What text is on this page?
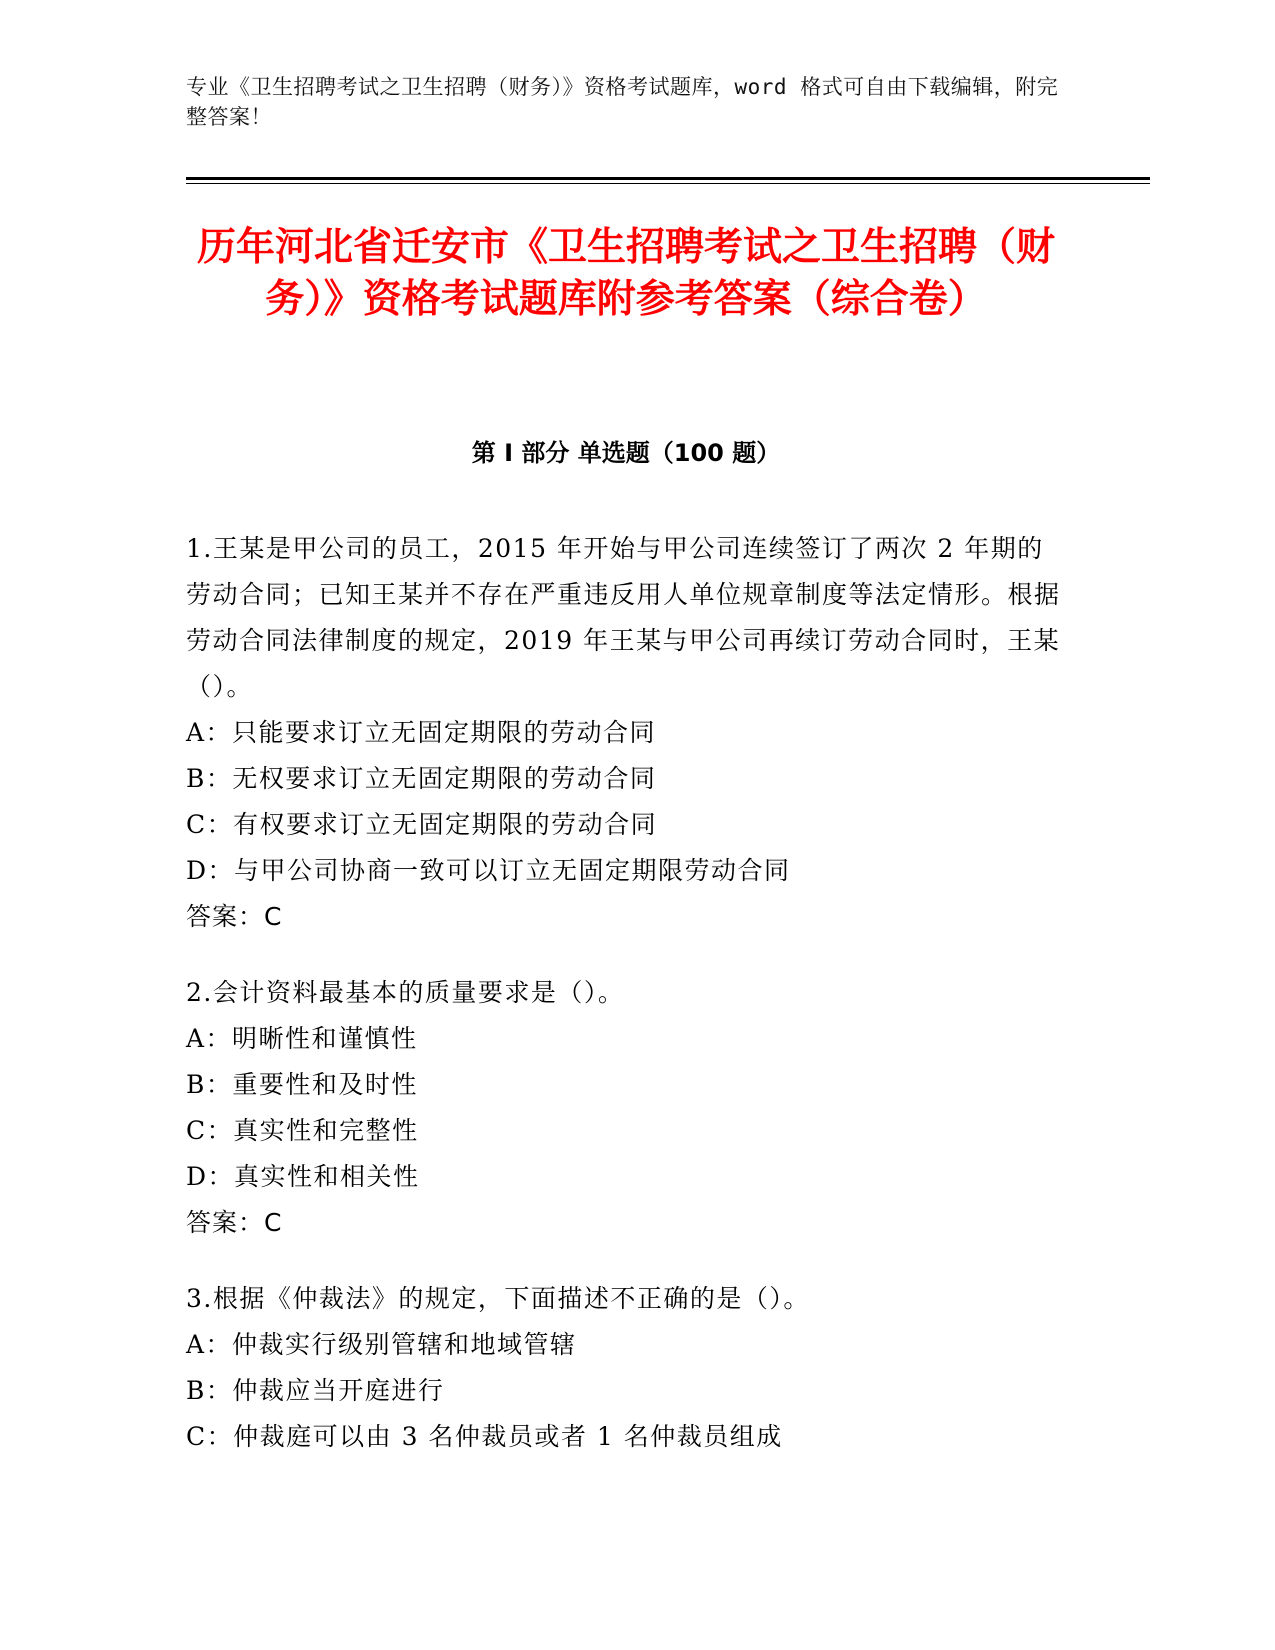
专业《卫生招聘考试之卫生招聘（财务）》资格考试题库，word 格式可自由下载编辑，附完整答案！
历年河北省迁安市《卫生招聘考试之卫生招聘（财务）》资格考试题库附参考答案（综合卷）
第 I 部分 单选题（100 题）
1.王某是甲公司的员工，2015 年开始与甲公司连续签订了两次 2 年期的劳动合同；已知王某并不存在严重违反用人单位规章制度等法定情形。根据劳动合同法律制度的规定，2019 年王某与甲公司再续订劳动合同时，王某（）。
A：只能要求订立无固定期限的劳动合同
B：无权要求订立无固定期限的劳动合同
C：有权要求订立无固定期限的劳动合同
D：与甲公司协商一致可以订立无固定期限劳动合同
答案：C
2.会计资料最基本的质量要求是（）。
A：明晰性和谨慎性
B：重要性和及时性
C：真实性和完整性
D：真实性和相关性
答案：C
3.根据《仲裁法》的规定，下面描述不正确的是（）。
A：仲裁实行级别管辖和地域管辖
B：仲裁应当开庭进行
C：仲裁庭可以由 3 名仲裁员或者 1 名仲裁员组成
